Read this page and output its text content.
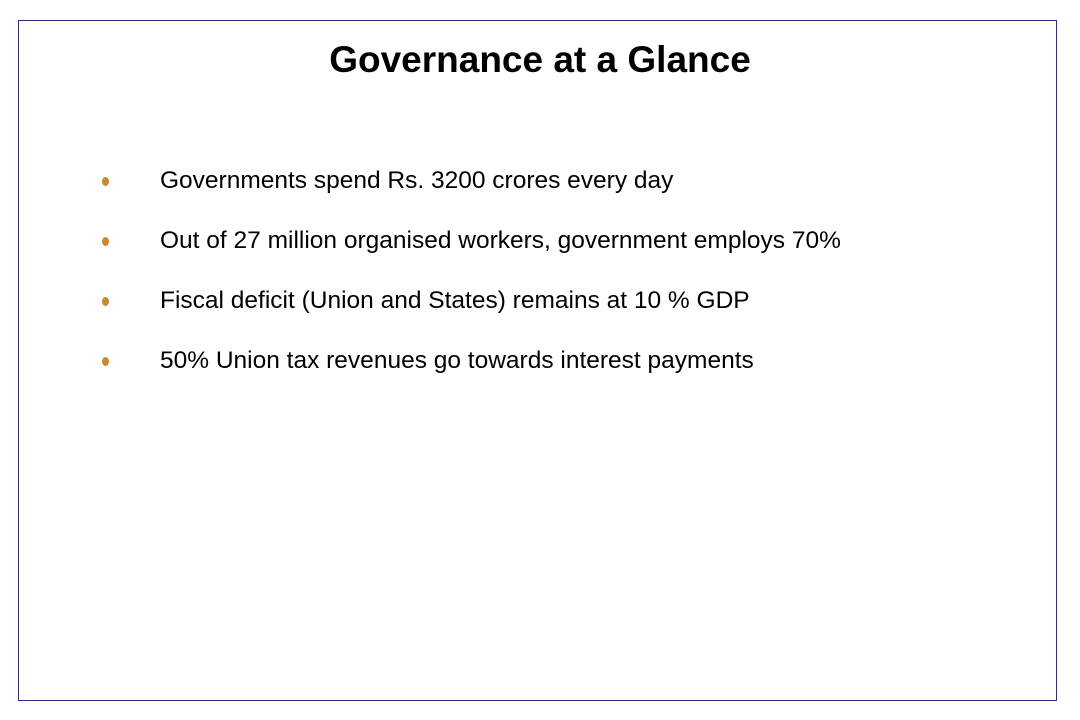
Governance at a Glance
Governments spend Rs. 3200 crores every day
Out of 27 million organised workers, government employs 70%
Fiscal deficit (Union and States) remains at 10 % GDP
50% Union tax revenues go towards interest payments
